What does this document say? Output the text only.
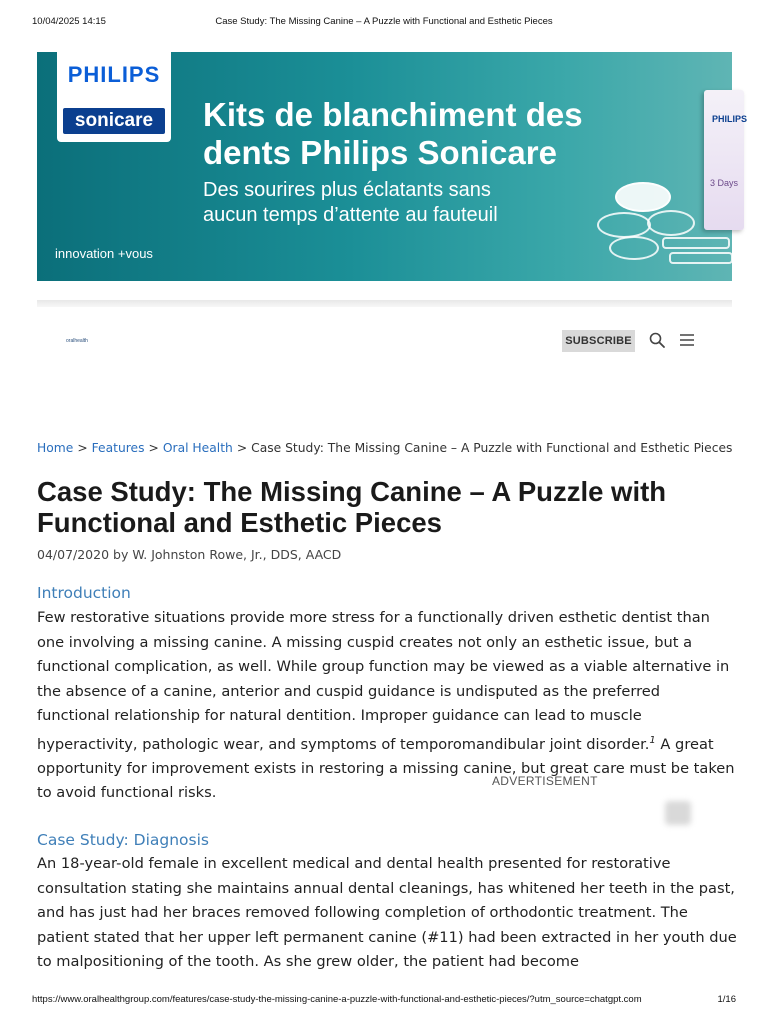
10/04/2025 14:15	Case Study: The Missing Canine – A Puzzle with Functional and Esthetic Pieces
PHILIPS
sonicare	Kits de blanchiment des
dents Philips Sonicare
Des sourires plus éclatants sans
aucun temps d’attente au fauteuil
innovation +vous
PHILIPS
3 Days
oralhealth	SUBSCRIBE
Home > Features > Oral Health > Case Study: The Missing Canine – A Puzzle with Functional and Esthetic Pieces
Case Study: The Missing Canine – A Puzzle with Functional and Esthetic Pieces
04/07/2020 by W. Johnston Rowe, Jr., DDS, AACD
Introduction

Few restorative situations provide more stress for a functionally driven esthetic dentist than one involving a missing canine. A missing cuspid creates not only an esthetic issue, but a functional complication, as well. While group function may be viewed as a viable alternative in the absence of a canine, anterior and cuspid guidance is undisputed as the preferred functional relationship for natural dentition. Improper guidance can lead to muscle hyperactivity, pathologic wear, and symptoms of temporomandibular joint disorder.$^1$ A great opportunity for improvement exists in restoring a missing canine, but great care must be taken to avoid functional risks.

ADVERTISEMENT
Case Study: Diagnosis

An 18-year-old female in excellent medical and dental health presented for restorative consultation stating she maintains annual dental cleanings, has whitened her teeth in the past, and has just had her braces removed following completion of orthodontic treatment. The patient stated that her upper left permanent canine (#11) had been extracted in her youth due to malpositioning of the tooth. As she grew older, the patient had become

https://www.oralhealthgroup.com/features/case-study-the-missing-canine-a-puzzle-with-functional-and-esthetic-pieces/?utm_source=chatgpt.com	1/16
